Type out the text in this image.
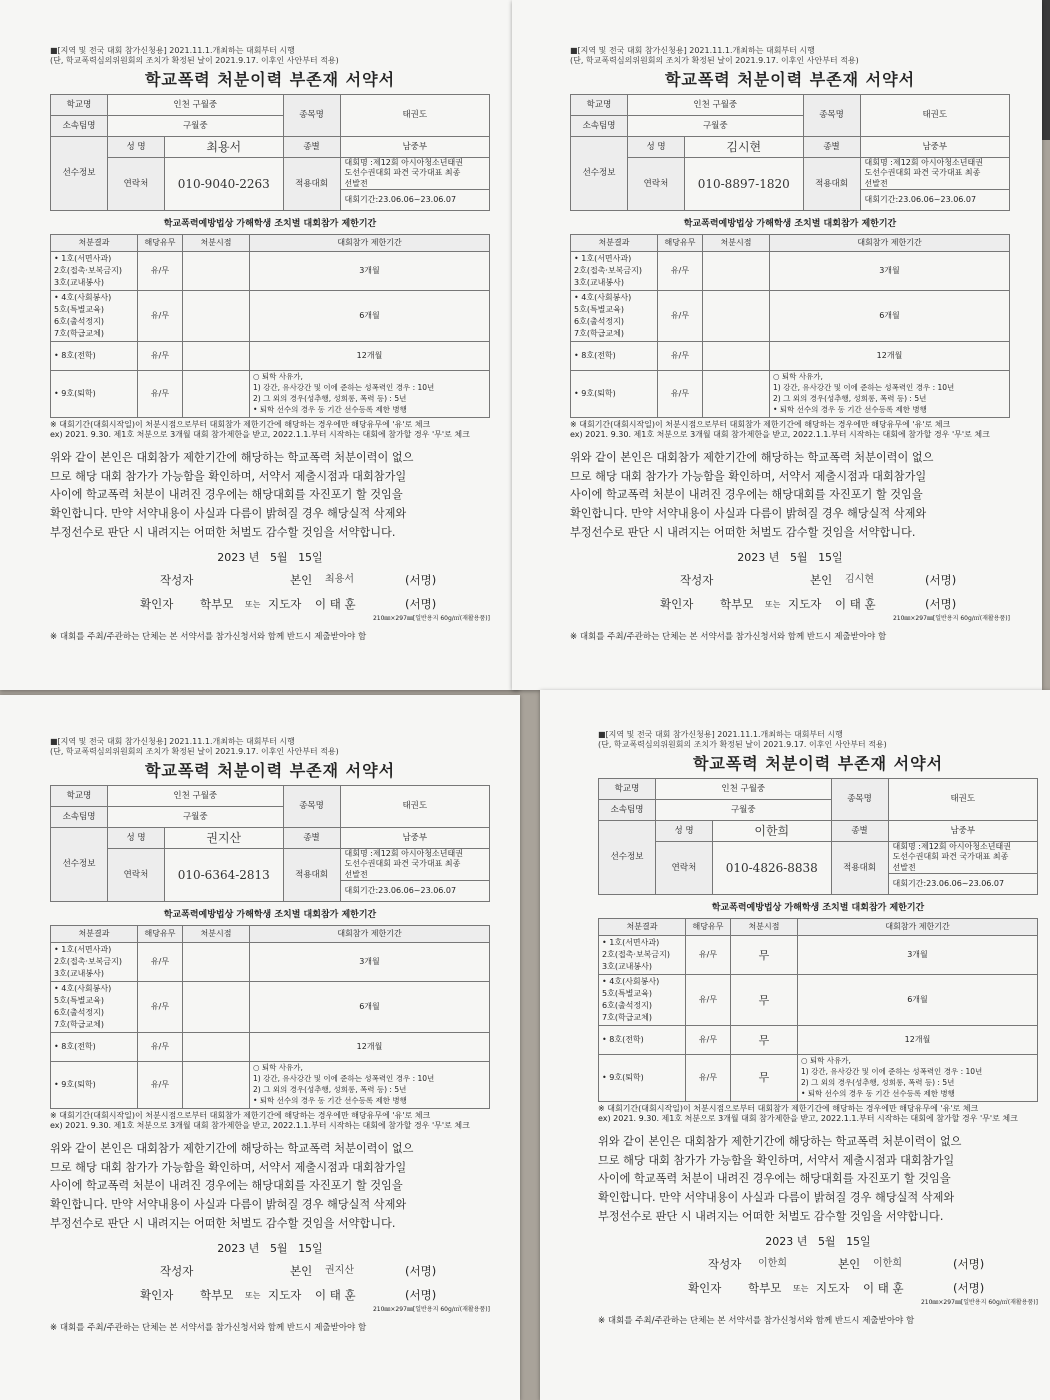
■[지역 및 전국 대회 참가신청용] 2021.11.1.개최하는 대회부터 시행
(단, 학교폭력심의위원회의 조치가 확정된 날이 2021.9.17. 이후인 사안부터 적용)
학교폭력 처분이력 부존재 서약서
학교명	인천 구월중		종목명	태권도
소속팀명	구월중			
선수정보	성 명	최용서	종별	남중부
	연락처	010-9040-2263	적용대회	대회명 :제12회 아시아청소년태권
도선수권대회 파견 국가대표 최종
선발전

				대회기간:23.06.06~23.06.07
학교폭력예방법상 가해학생 조치별 대회참가 제한기간
처분결과	해당유무	처분시점	대회참가 제한기간

• 1호(서면사과)
2호(접촉·보복금지)
3호(교내봉사)	유/무		3개월

• 4호(사회봉사)
5호(특별교육)
6호(출석정지)
7호(학급교체)	유/무		6개월

• 8호(전학)	유/무		12개월

• 9호(퇴학)	유/무		○ 퇴학 사유가,
1) 강간, 유사강간 및 이에 준하는 성폭력인 경우 : 10년
2) 그 외의 경우(성추행, 성희롱, 폭력 등) : 5년
• 퇴학 선수의 경우 동 기간 선수등록 제한 병행
※ 대회기간(대회시작일)이 처분시점으로부터 대회참가 제한기간에 해당하는 경우에만 해당유무에 '유'로 체크
ex) 2021. 9.30. 제1호 처분으로 3개월 대회 참가제한을 받고, 2022.1.1.부터 시작하는 대회에 참가할 경우 '무'로 체크
위와 같이 본인은 대회참가 제한기간에 해당하는 학교폭력 처분이력이 없으
므로 해당 대회 참가가 가능함을 확인하며, 서약서 제출시점과 대회참가일
사이에 학교폭력 처분이 내려진 경우에는 해당대회를 자진포기 할 것임을
확인합니다. 만약 서약내용이 사실과 다름이 밝혀질 경우 해당실적 삭제와
부정선수로 판단 시 내려지는 어떠한 처벌도 감수할 것임을 서약합니다.
2023 년 5월 15일
작성자	본인 최용서	(서명)
확인자 학부모 또는 지도자 이 태 훈	(서명)
210㎜×297㎜[일반용지 60g/㎡(재활용품)]
※ 대회를 주최/주관하는 단체는 본 서약서를 참가신청서와 함께 반드시 제출받아야 함
■[지역 및 전국 대회 참가신청용] 2021.11.1.개최하는 대회부터 시행
(단, 학교폭력심의위원회의 조치가 확정된 날이 2021.9.17. 이후인 사안부터 적용)
학교폭력 처분이력 부존재 서약서
학교명	인천 구월중		종목명	태권도
소속팀명	구월중			
선수정보	성 명	김시현	종별	남중부
	연락처	010-8897-1820	적용대회	대회명 :제12회 아시아청소년태권
도선수권대회 파견 국가대표 최종
선발전

				대회기간:23.06.06~23.06.07
학교폭력예방법상 가해학생 조치별 대회참가 제한기간
처분결과	해당유무	처분시점	대회참가 제한기간

• 1호(서면사과)
2호(접촉·보복금지)
3호(교내봉사)	유/무		3개월

• 4호(사회봉사)
5호(특별교육)
6호(출석정지)
7호(학급교체)	유/무		6개월

• 8호(전학)	유/무		12개월

• 9호(퇴학)	유/무		○ 퇴학 사유가,
1) 강간, 유사강간 및 이에 준하는 성폭력인 경우 : 10년
2) 그 외의 경우(성추행, 성희롱, 폭력 등) : 5년
• 퇴학 선수의 경우 동 기간 선수등록 제한 병행
※ 대회기간(대회시작일)이 처분시점으로부터 대회참가 제한기간에 해당하는 경우에만 해당유무에 '유'로 체크
ex) 2021. 9.30. 제1호 처분으로 3개월 대회 참가제한을 받고, 2022.1.1.부터 시작하는 대회에 참가할 경우 '무'로 체크
위와 같이 본인은 대회참가 제한기간에 해당하는 학교폭력 처분이력이 없으
므로 해당 대회 참가가 가능함을 확인하며, 서약서 제출시점과 대회참가일
사이에 학교폭력 처분이 내려진 경우에는 해당대회를 자진포기 할 것임을
확인합니다. 만약 서약내용이 사실과 다름이 밝혀질 경우 해당실적 삭제와
부정선수로 판단 시 내려지는 어떠한 처벌도 감수할 것임을 서약합니다.
2023 년 5월 15일
작성자	본인 김시현	(서명)
확인자 학부모 또는 지도자 이 태 훈	(서명)
210㎜×297㎜[일반용지 60g/㎡(재활용품)]
※ 대회를 주최/주관하는 단체는 본 서약서를 참가신청서와 함께 반드시 제출받아야 함
■[지역 및 전국 대회 참가신청용] 2021.11.1.개최하는 대회부터 시행
(단, 학교폭력심의위원회의 조치가 확정된 날이 2021.9.17. 이후인 사안부터 적용)
학교폭력 처분이력 부존재 서약서
학교명	인천 구월중		종목명	태권도
소속팀명	구월중			
선수정보	성 명	권지산	종별	남중부
	연락처	010-6364-2813	적용대회	대회명 :제12회 아시아청소년태권
도선수권대회 파견 국가대표 최종
선발전

				대회기간:23.06.06~23.06.07
학교폭력예방법상 가해학생 조치별 대회참가 제한기간
처분결과	해당유무	처분시점	대회참가 제한기간

• 1호(서면사과)
2호(접촉·보복금지)
3호(교내봉사)	유/무		3개월

• 4호(사회봉사)
5호(특별교육)
6호(출석정지)
7호(학급교체)	유/무		6개월

• 8호(전학)	유/무		12개월

• 9호(퇴학)	유/무		○ 퇴학 사유가,
1) 강간, 유사강간 및 이에 준하는 성폭력인 경우 : 10년
2) 그 외의 경우(성추행, 성희롱, 폭력 등) : 5년
• 퇴학 선수의 경우 동 기간 선수등록 제한 병행
※ 대회기간(대회시작일)이 처분시점으로부터 대회참가 제한기간에 해당하는 경우에만 해당유무에 '유'로 체크
ex) 2021. 9.30. 제1호 처분으로 3개월 대회 참가제한을 받고, 2022.1.1.부터 시작하는 대회에 참가할 경우 '무'로 체크
위와 같이 본인은 대회참가 제한기간에 해당하는 학교폭력 처분이력이 없으
므로 해당 대회 참가가 가능함을 확인하며, 서약서 제출시점과 대회참가일
사이에 학교폭력 처분이 내려진 경우에는 해당대회를 자진포기 할 것임을
확인합니다. 만약 서약내용이 사실과 다름이 밝혀질 경우 해당실적 삭제와
부정선수로 판단 시 내려지는 어떠한 처벌도 감수할 것임을 서약합니다.
2023 년 5월 15일
작성자	본인 권지산	(서명)
확인자 학부모 또는 지도자 이 태 훈	(서명)
210㎜×297㎜[일반용지 60g/㎡(재활용품)]
※ 대회를 주최/주관하는 단체는 본 서약서를 참가신청서와 함께 반드시 제출받아야 함
■[지역 및 전국 대회 참가신청용] 2021.11.1.개최하는 대회부터 시행
(단, 학교폭력심의위원회의 조치가 확정된 날이 2021.9.17. 이후인 사안부터 적용)
학교폭력 처분이력 부존재 서약서
학교명	인천 구월중		종목명	태권도
소속팀명	구월중			
선수정보	성 명	이한희	종별	남중부
	연락처	010-4826-8838	적용대회	대회명 :제12회 아시아청소년태권
도선수권대회 파견 국가대표 최종
선발전

				대회기간:23.06.06~23.06.07
학교폭력예방법상 가해학생 조치별 대회참가 제한기간
처분결과	해당유무	처분시점	대회참가 제한기간

• 1호(서면사과)
2호(접촉·보복금지)
3호(교내봉사)	유/무	무	3개월

• 4호(사회봉사)
5호(특별교육)
6호(출석정지)
7호(학급교체)	유/무	무	6개월

• 8호(전학)	유/무	무	12개월

• 9호(퇴학)	유/무	무	○ 퇴학 사유가,
1) 강간, 유사강간 및 이에 준하는 성폭력인 경우 : 10년
2) 그 외의 경우(성추행, 성희롱, 폭력 등) : 5년
• 퇴학 선수의 경우 동 기간 선수등록 제한 병행
※ 대회기간(대회시작일)이 처분시점으로부터 대회참가 제한기간에 해당하는 경우에만 해당유무에 '유'로 체크
ex) 2021. 9.30. 제1호 처분으로 3개월 대회 참가제한을 받고, 2022.1.1.부터 시작하는 대회에 참가할 경우 '무'로 체크
위와 같이 본인은 대회참가 제한기간에 해당하는 학교폭력 처분이력이 없으
므로 해당 대회 참가가 가능함을 확인하며, 서약서 제출시점과 대회참가일
사이에 학교폭력 처분이 내려진 경우에는 해당대회를 자진포기 할 것임을
확인합니다. 만약 서약내용이 사실과 다름이 밝혀질 경우 해당실적 삭제와
부정선수로 판단 시 내려지는 어떠한 처벌도 감수할 것임을 서약합니다.
2023 년 5월 15일
작성자 이한희	본인 이한희	(서명)
확인자 학부모 또는 지도자 이 태 훈	(서명)
210㎜×297㎜[일반용지 60g/㎡(재활용품)]
※ 대회를 주최/주관하는 단체는 본 서약서를 참가신청서와 함께 반드시 제출받아야 함
